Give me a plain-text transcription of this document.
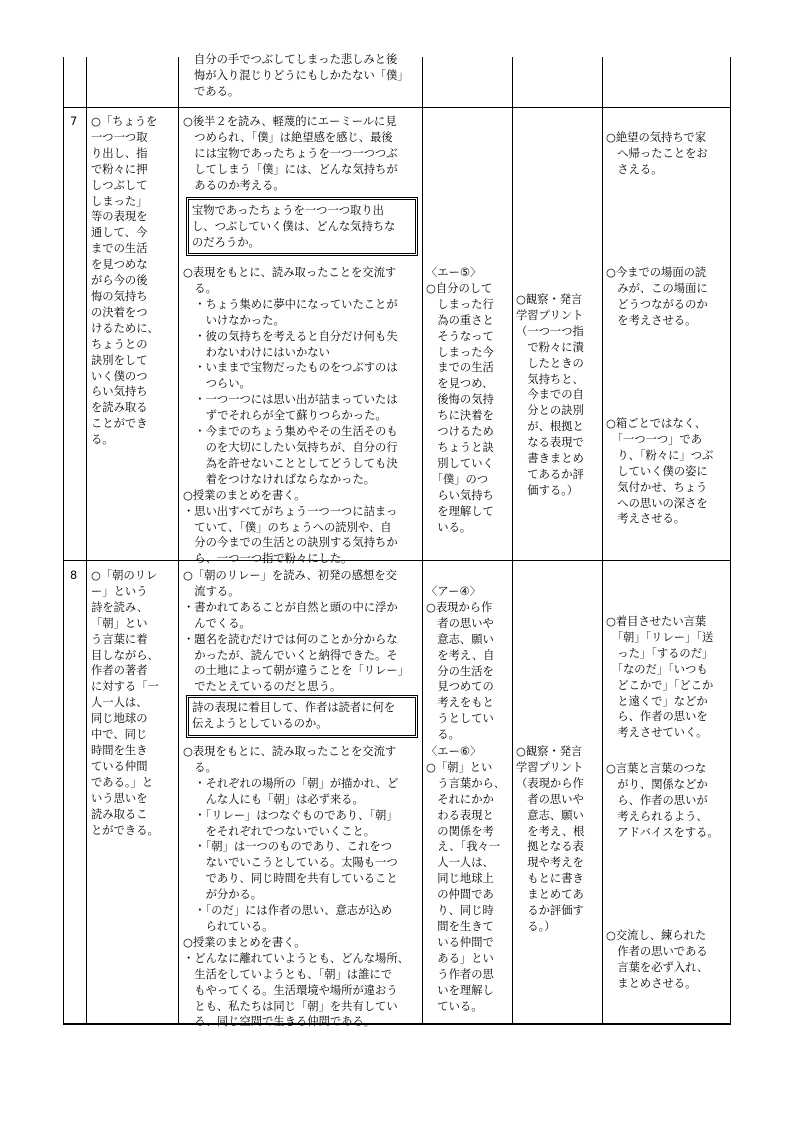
自分の手でつぶしてしまった悲しみと後
悔が入り混じりどうにもしかたない「僕」
である。
7 ○「ちょうを
一つ一つ取
り出し、指
で粉々に押
しつぶして
しまった」
等の表現を
通して、今
までの生活
を見つめな
がら今の後
悔の気持ち
の決着をつ
けるために、
ちょうとの
訣別をして
いく僕のつ
らい気持ち
を読み取る
ことができ
る。
○後半２を読み、軽蔑的にエーミールに見
　つめられ、「僕」は絶望感を感じ、最後
　には宝物であったちょうを一つ一つつぶ
　してしまう「僕」には、どんな気持ちが
　あるのか考える。
宝物であったちょうを一つ一つ取り出
し、つぶしていく僕は、どんな気持ちな
のだろうか。
○表現をもとに、読み取ったことを交流す
　る。
　・ちょう集めに夢中になっていたことが
　　いけなかった。
　・彼の気持ちを考えると自分だけ何も失
　　わないわけにはいかない
　・いままで宝物だったものをつぶすのは
　　つらい。
　・一つ一つには思い出が詰まっていたは
　　ずでそれらが全て蘇りつらかった。
　・今までのちょう集めやその生活そのも
　　のを大切にしたい気持ちが、自分の行
　　為を許せないこととしてどうしても決
　　着をつけなければならなかった。
○授業のまとめを書く。
・思い出すべてがちょう一つ一つに詰まっ
　ていて、「僕」のちょうへの読別や、自
　分の今までの生活との訣別する気持ちか
　ら、一つ一つ指で粉々にした。
〈エー⑤〉
○自分のして
　しまった行
　為の重さと
　そうなって
　しまった今
　までの生活
　を見つめ、
　後悔の気持
　ちに決着を
　つけるため
　ちょうと訣
　別していく
　「僕」のつ
　らい気持ち
　を理解して
　いる。
○観察・発言
学習プリント
（一つ一つ指
　で粉々に潰
　したときの
　気持ちと、
　今までの自
　分との訣別
　が、根拠と
　なる表現で
　書きまとめ
　てあるか評
　価する。）
○絶望の気持ちで家
　へ帰ったことをお
　さえる。
○今までの場面の読
　みが、この場面に
　どうつながるのか
　を考えさせる。
○箱ごとではなく、
　「一つ一つ」であ
　り、「粉々に」つぶ
　していく僕の姿に
　気付かせ、ちょう
　への思いの深さを
　考えさせる。
8 ○「朝のリレ
ー」という
詩を読み、
「朝」とい
う言葉に着
目しながら、
作者の著者
に対する「一
人一人は、
同じ地球の
中で、同じ
時間を生き
ている仲間
である。」と
いう思いを
読み取るこ
とができる。
○「朝のリレー」を読み、初発の感想を交
　流する。
・書かれてあることが自然と頭の中に浮か
　んでくる。
・題名を読むだけでは何のことか分からな
　かったが、読んでいくと納得できた。そ
　の土地によって朝が違うことを「リレー」
　でたとえているのだと思う。
詩の表現に着目して、作者は読者に何を
伝えようとしているのか。
○表現をもとに、読み取ったことを交流す
　る。
　・それぞれの場所の「朝」が描かれ、ど
　　んな人にも「朝」は必ず来る。
　・「リレー」はつなぐものであり、「朝」
　　をそれぞれでつないでいくこと。
　・「朝」は一つのものであり、これをつ
　　ないでいこうとしている。太陽も一つ
　　であり、同じ時間を共有していること
　　が分かる。
　・「のだ」には作者の思い、意志が込め
　　られている。
○授業のまとめを書く。
・どんなに離れていようとも、どんな場所、
　生活をしていようとも、「朝」は誰にで
　もやってくる。生活環境や場所が違おう
　とも、私たちは同じ「朝」を共有してい
　る、同じ空間で生きる仲間である。
〈アー④〉
○表現から作
　者の思いや
　意志、願い
　を考え、自
　分の生活を
　見つめての
　考えをもと
　うとしてい
　る。
〈エー⑥〉
○「朝」とい
　う言葉から、
　それにかか
　わる表現と
　の関係を考
　え、「我々一
　人一人は、
　同じ地球上
　の仲間であ
　り、同じ時
　間を生きて
　いる仲間で
　ある」とい
　う作者の思
　いを理解し
　ている。
○観察・発言
学習プリント
（表現から作
　者の思いや
　意志、願い
　を考え、根
　拠となる表
　現や考えを
　もとに書き
　まとめてあ
　るか評価す
　る。）
○着目させたい言葉
　「朝」「リレー」「送
　った」「するのだ」
　「なのだ」「いつも
　どこかで」「どこか
　と遠くで」などか
　ら、作者の思いを
　考えさせていく。
○言葉と言葉のつな
　がり、関係などか
　ら、作者の思いが
　考えられるよう、
　アドバイスをする。
○交流し、練られた
　作者の思いである
　言葉を必ず入れ、
　まとめさせる。
